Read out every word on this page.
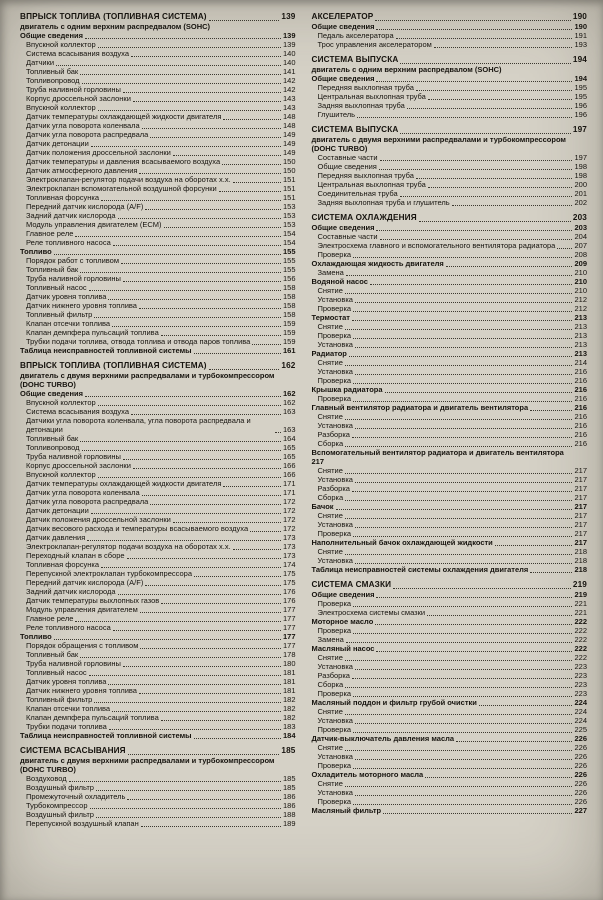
ВПРЫСК ТОПЛИВА (ТОПЛИВНАЯ СИСТЕМА)	139
двигатель с одним верхним распредвалом (SOHC)
Общие сведения	139
Впускной коллектор	139
Система всасывания воздуха	140
Датчики	140
Топливный бак	141
Топливопровод	142
Труба наливной горловины	142
Корпус дроссельной заслонки	143
Впускной коллектор	143
Датчик температуры охлаждающей жидкости двигателя	148
Датчик угла поворота коленвала	148
Датчик угла поворота распредвала	149
Датчик детонации	149
Датчик положения дроссельной заслонки	149
Датчик температуры и давления всасываемого воздуха	150
Датчик атмосферного давления	150
Электроклапан-регулятор подачи воздуха на оборотах х.х.	151
Электроклапан вспомогательной воздушной форсунки	151
Топливная форсунка	151
Передний датчик кислорода (A/F)	153
Задний датчик кислорода	153
Модуль управления двигателем (ECM)	153
Главное реле	154
Реле топливного насоса	154
Топливо	155
Порядок работ с топливом	155
Топливный бак	155
Труба наливной горловины	156
Топливный насос	158
Датчик уровня топлива	158
Датчик нижнего уровня топлива	158
Топливный фильтр	158
Клапан отсечки топлива	159
Клапан демпфера пульсаций топлива	159
Трубки подачи топлива, отвода топлива и отвода паров топлива	159
Таблица неисправностей топливной системы	161
ВПРЫСК ТОПЛИВА (ТОПЛИВНАЯ СИСТЕМА)	162
двигатель с двумя верхними распредвалами и турбокомпрессором (DOHC TURBO)
Общие сведения	162
Впускной коллектор	162
Система всасывания воздуха	163
Датчики угла поворота коленвала, угла поворота распредвала и детонации	163
Топливный бак	164
Топливопровод	165
Труба наливной горловины	165
Корпус дроссельной заслонки	166
Впускной коллектор	166
Датчик температуры охлаждающей жидкости двигателя	171
Датчик угла поворота коленвала	171
Датчик угла поворота распредвала	172
Датчик детонации	172
Датчик положения дроссельной заслонки	172
Датчик весового расхода и температуры всасываемого воздуха	172
Датчик давления	173
Электроклапан-регулятор подачи воздуха на оборотах х.х.	173
Переходный клапан в сборе	173
Топливная форсунка	174
Перепускной электроклапан турбокомпрессора	175
Передний датчик кислорода (A/F)	175
Задний датчик кислорода	176
Датчик температуры выхлопных газов	176
Модуль управления двигателем	177
Главное реле	177
Реле топливного насоса	177
Топливо	177
Порядок обращения с топливом	177
Топливный бак	178
Труба наливной горловины	180
Топливный насос	181
Датчик уровня топлива	181
Датчик нижнего уровня топлива	181
Топливный фильтр	182
Клапан отсечки топлива	182
Клапан демпфера пульсаций топлива	182
Трубки подачи топлива	183
Таблица неисправностей топливной системы	184
СИСТЕМА ВСАСЫВАНИЯ	185
двигатель с двумя верхними распредвалами и турбокомпрессором (DOHC TURBO)
Воздуховод	185
Воздушный фильтр	185
Промежуточный охладитель	186
Турбокомпрессор	186
Воздушный фильтр	188
Перепускной воздушный клапан	189
АКСЕЛЕРАТОР	190
Общие сведения	190
Педаль акселератора	191
Трос управления акселератором	193
СИСТЕМА ВЫПУСКА	194
двигатель с одним верхним распредвалом (SOHC)
Общие сведения	194
Передняя выхлопная труба	195
Центральная выхлопная труба	195
Задняя выхлопная труба	196
Глушитель	196
СИСТЕМА ВЫПУСКА	197
двигатель с двумя верхними распредвалами и турбокомпрессором (DOHC TURBO)
Составные части	197
Общие сведения	198
Передняя выхлопная труба	198
Центральная выхлопная труба	200
Соединительная труба	201
Задняя выхлопная труба и глушитель	202
СИСТЕМА ОХЛАЖДЕНИЯ	203
Общие сведения	203
Составные части	204
Электросхема главного и вспомогательного вентилятора радиатора	207
Проверка	208
Охлаждающая жидкость двигателя	209
Замена	210
Водяной насос	210
Снятие	210
Установка	212
Проверка	212
Термостат	213
Снятие	213
Проверка	213
Установка	213
Радиатор	213
Снятие	214
Установка	216
Проверка	216
Крышка радиатора	216
Проверка	216
Главный вентилятор радиатора и двигатель вентилятора	216
Снятие	216
Установка	216
Разборка	216
Сборка	216
Вспомогательный вентилятор радиатора и двигатель вентилятора
217
Снятие	217
Установка	217
Разборка	217
Сборка	217
Бачок	217
Снятие	217
Установка	217
Проверка	217
Наполнительный бачок охлаждающей жидкости	217
Снятие	218
Установка	218
Таблица неисправностей системы охлаждения двигателя	218
СИСТЕМА СМАЗКИ	219
Общие сведения	219
Проверка	221
Электросхема системы смазки	221
Моторное масло	222
Проверка	222
Замена	222
Масляный насос	222
Снятие	222
Установка	223
Разборка	223
Сборка	223
Проверка	223
Масляный поддон и фильтр грубой очистки	224
Снятие	224
Установка	224
Проверка	225
Датчик-выключатель давления масла	226
Снятие	226
Установка	226
Проверка	226
Охладитель моторного масла	226
Снятие	226
Установка	226
Проверка	226
Масляный фильтр	227
